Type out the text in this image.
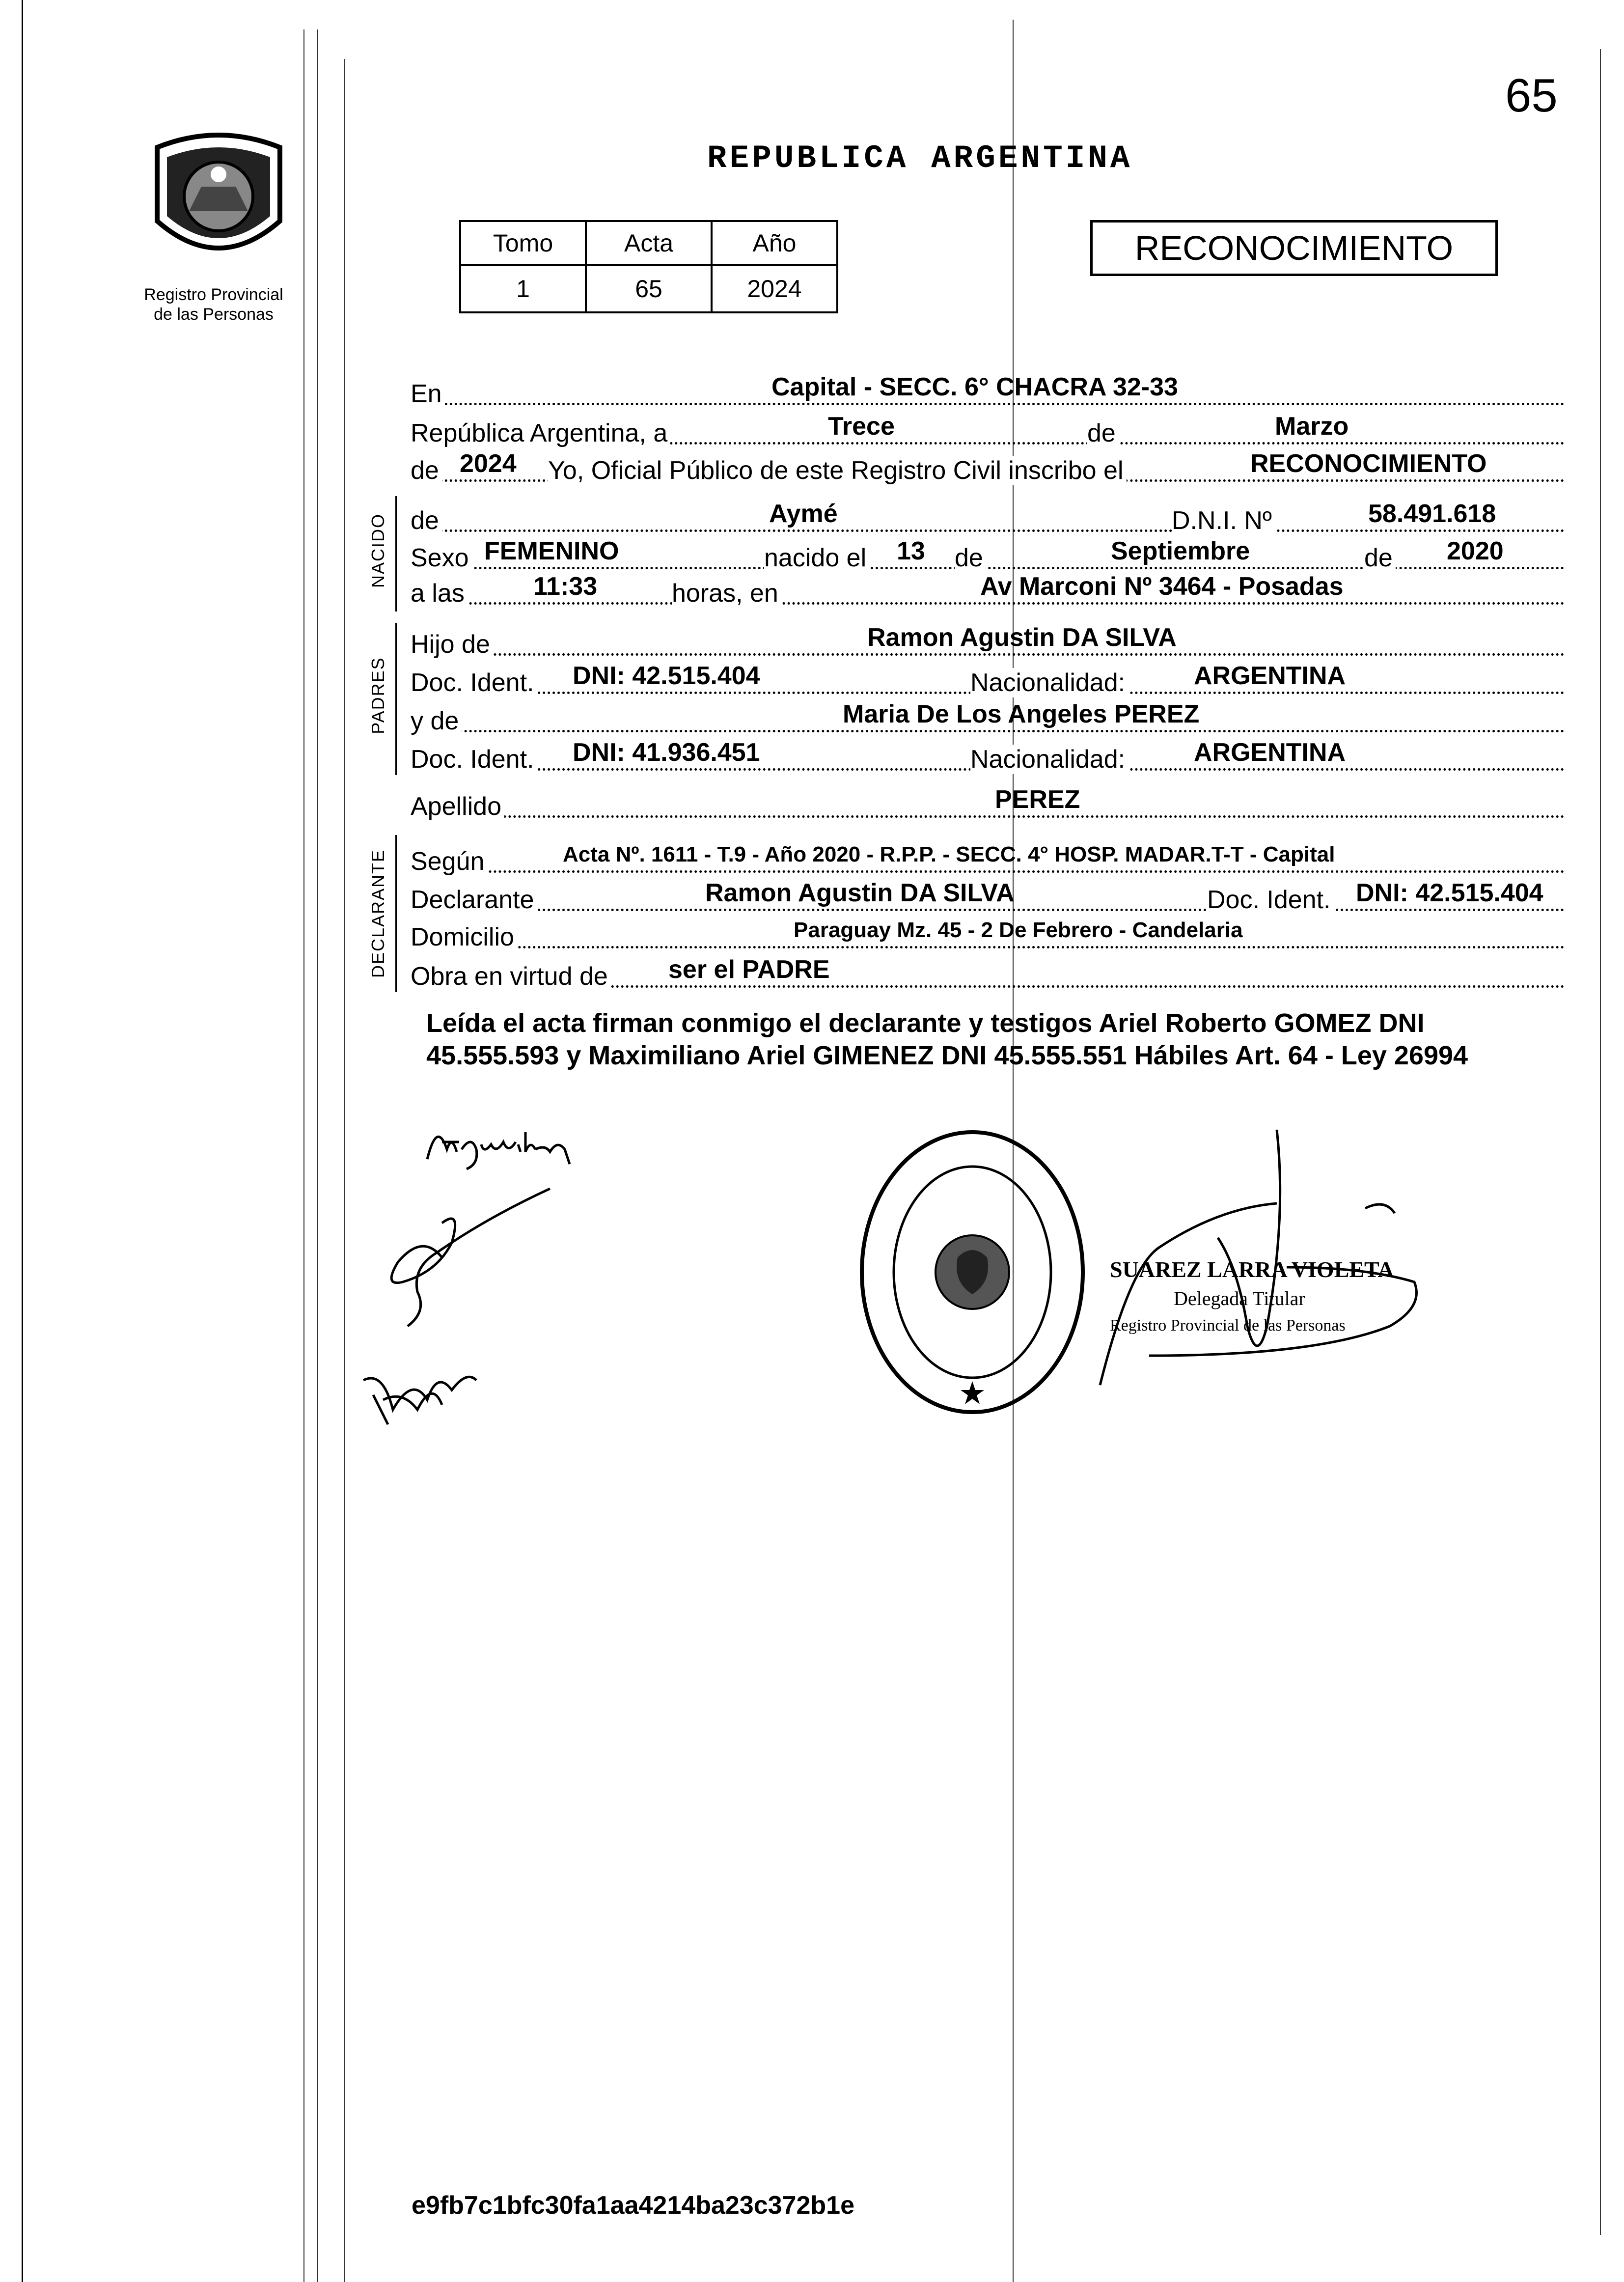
65
Registro Provincial
de las Personas
REPUBLICA ARGENTINA
Tomo	Acta	Año
1	65	2024
RECONOCIMIENTO
En	Capital - SECC. 6° CHACRA 32-33
República Argentina, a	Trece	de	Marzo
de 2024 Yo, Oficial Público de este Registro Civil inscribo el	RECONOCIMIENTO
NACIDO de	Aymé	D.N.I. Nº	58.491.618
Sexo FEMENINO	nacido el 13 de	Septiembre	de 2020
a las	11:33	horas, en	Av Marconi Nº 3464 - Posadas
PADRES
Hijo de	Ramon Agustin DA SILVA
Doc. Ident. DNI: 42.515.404	Nacionalidad:	ARGENTINA
y de	Maria De Los Angeles PEREZ
Doc. Ident. DNI: 41.936.451	Nacionalidad:	ARGENTINA
Apellido	PEREZ
DECLARANTE Según	Acta Nº. 1611 - T.9 - Año 2020 - R.P.P. - SECC. 4° HOSP. MADAR.T-T - Capital
Declarante	Ramon Agustin DA SILVA	Doc. Ident. DNI: 42.515.404
Domicilio	Paraguay Mz. 45 - 2 De Febrero - Candelaria
Obra en virtud de ser el PADRE
Leída el acta firman conmigo el declarante y testigos Ariel Roberto GOMEZ DNI 45.555.593 y Maximiliano Ariel GIMENEZ DNI 45.555.551 Hábiles Art. 64 - Ley 26994
SUAREZ LARRA VIOLETA
Delegada Titular
Registro Provincial de las Personas
e9fb7c1bfc30fa1aa4214ba23c372b1e
